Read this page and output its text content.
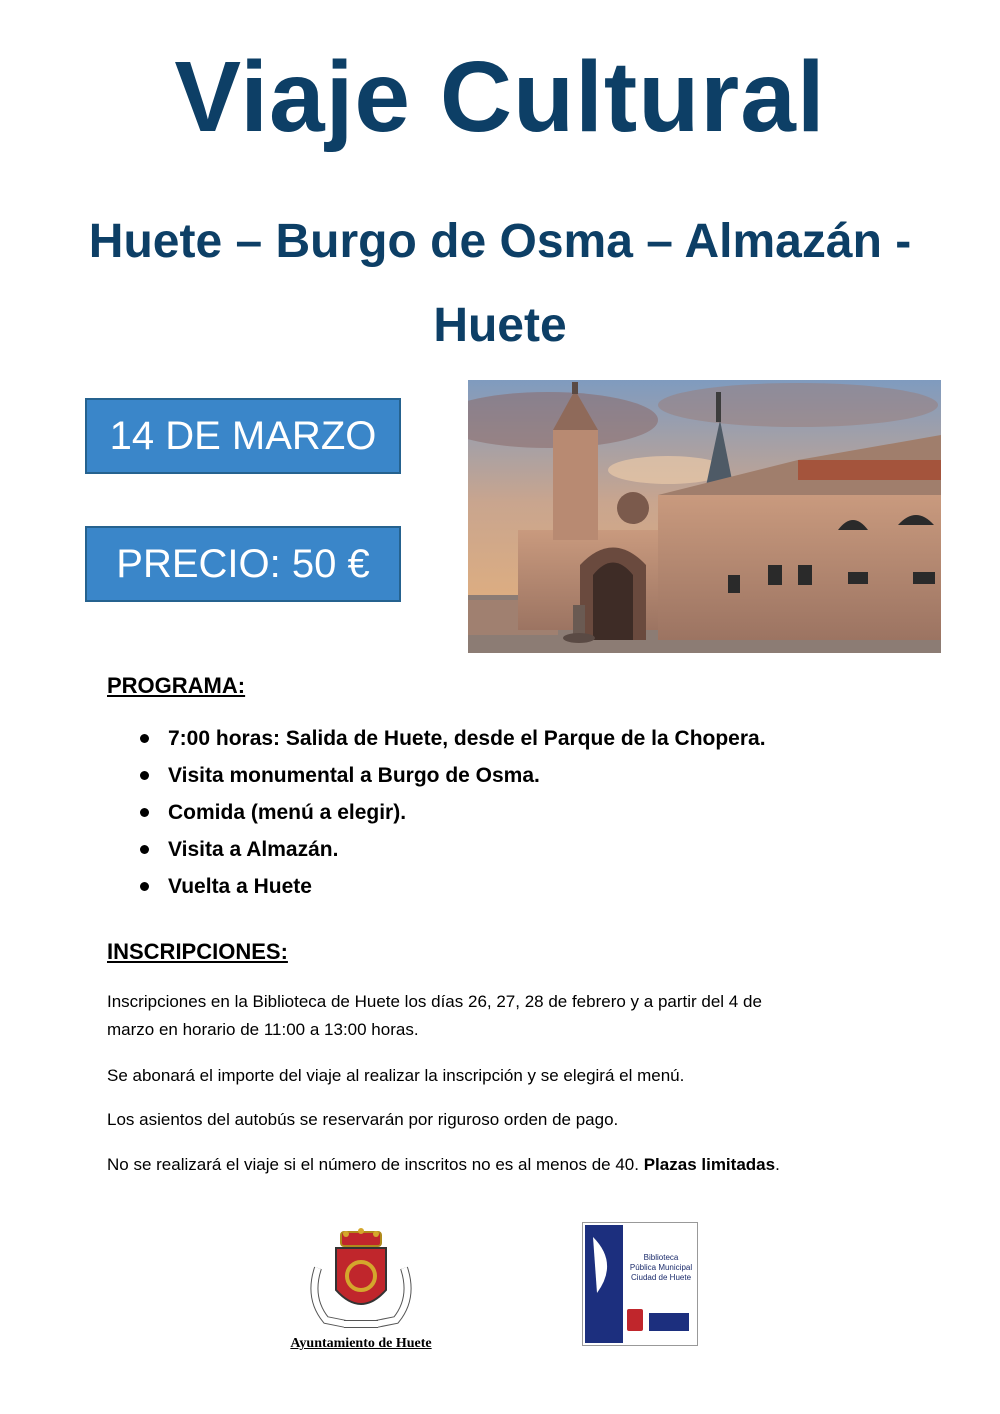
Viaje Cultural
Huete – Burgo de Osma – Almazán -
Huete
14 DE MARZO
PRECIO: 50 €
PROGRAMA:
7:00 horas: Salida de Huete, desde el Parque de la Chopera.
Visita monumental a Burgo de Osma.
Comida (menú a elegir).
Visita a Almazán.
Vuelta a Huete
INSCRIPCIONES:

Inscripciones en la Biblioteca de Huete los días 26, 27, 28 de febrero y a partir del 4 de
marzo en horario de 11:00 a 13:00 horas.

Se abonará el importe del viaje al realizar la inscripción y se elegirá el menú.

Los asientos del autobús se reservarán por riguroso orden de pago.

No se realizará el viaje si el número de inscritos no es al menos de 40. Plazas limitadas.

Ayuntamiento de Huete
Biblioteca
Pública Municipal
Ciudad de Huete
